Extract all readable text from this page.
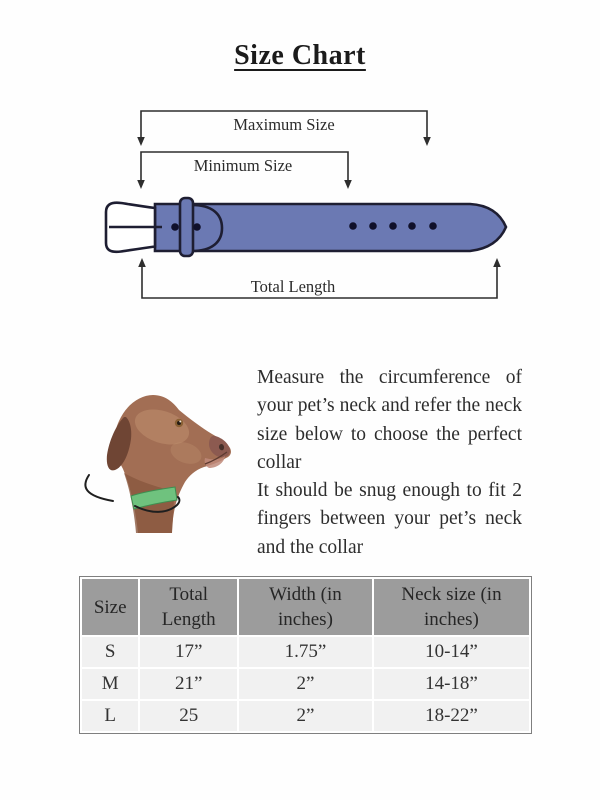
Size Chart
Maximum Size
Minimum Size
Total Length

Measure the circumference of your pet’s neck and refer the neck size below to choose the perfect collar

It should be snug enough to fit 2 fingers between your pet’s neck and the collar

Size	Total Length	Width (in inches)	Neck size (in inches)
S	17”	1.75”	10-14”
M	21”	2”	14-18”
L	25	2”	18-22”
